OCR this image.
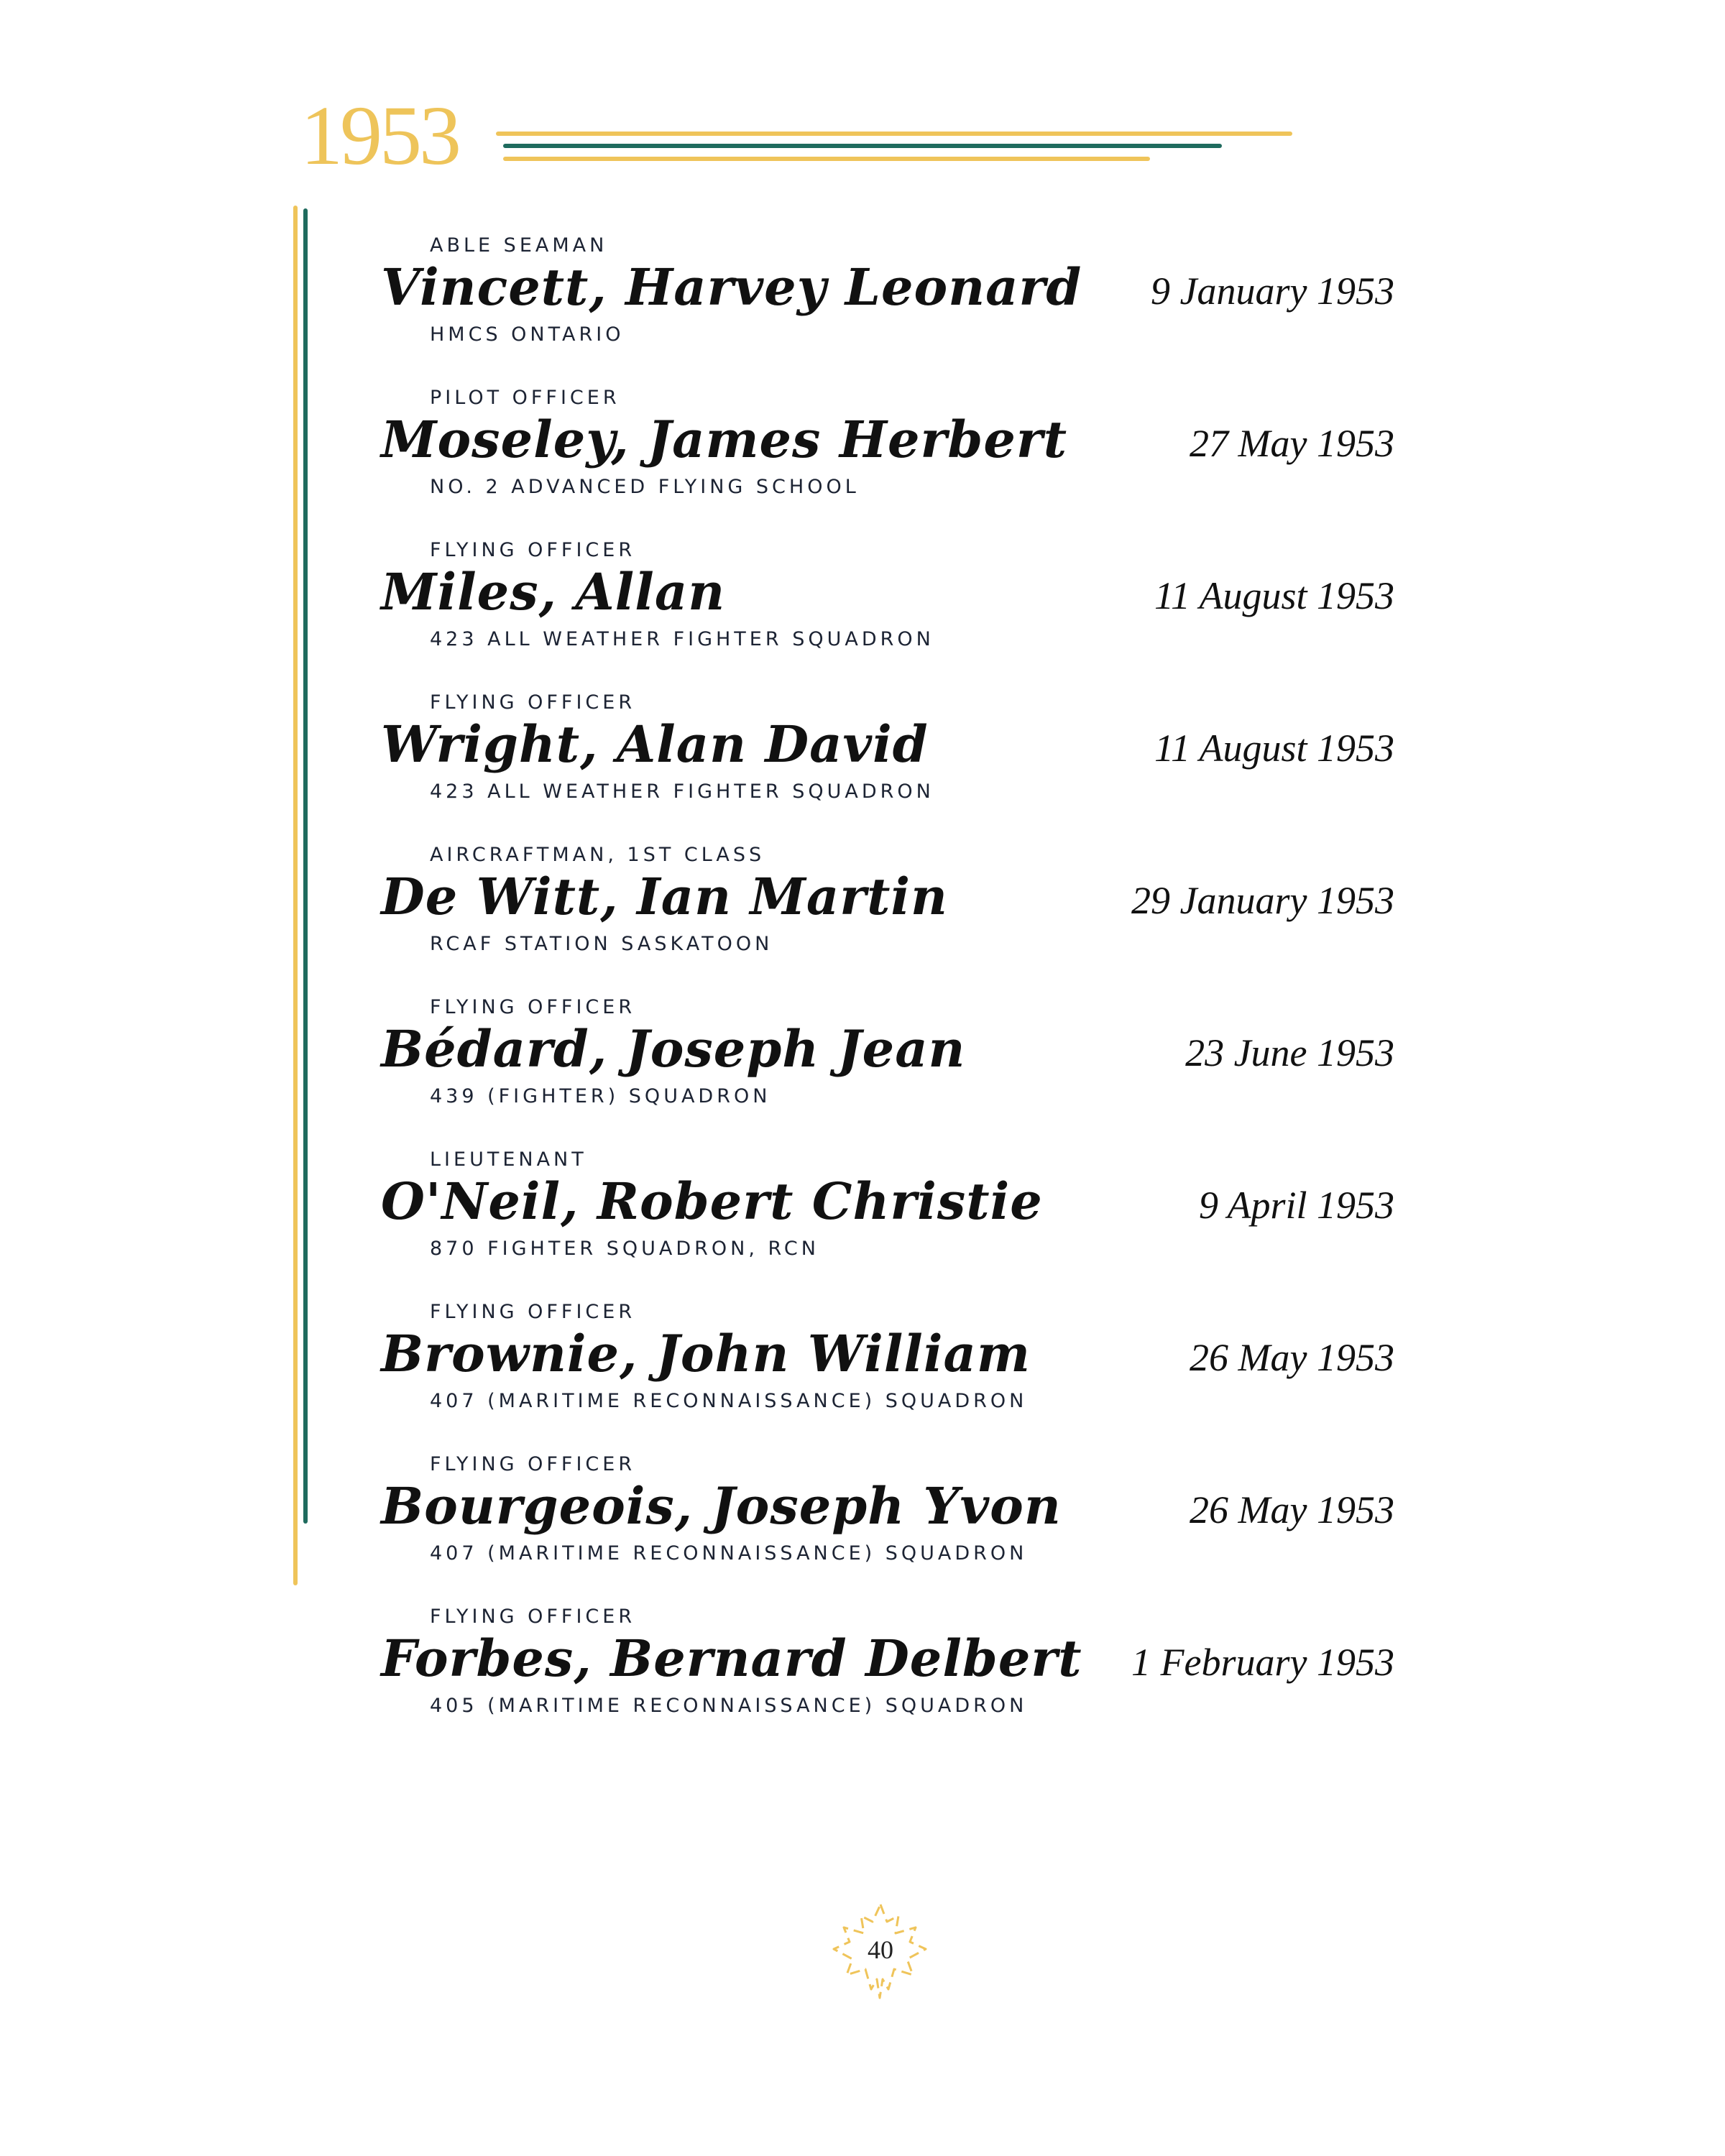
1953
ABLE SEAMAN
Vincett, Harvey Leonard
HMCS ONTARIO
9 January 1953
PILOT OFFICER
Moseley, James Herbert
NO. 2 ADVANCED FLYING SCHOOL
27 May 1953
FLYING OFFICER
Miles, Allan
423 ALL WEATHER FIGHTER SQUADRON
11 August 1953
FLYING OFFICER
Wright, Alan David
423 ALL WEATHER FIGHTER SQUADRON
11 August 1953
AIRCRAFTMAN, 1ST CLASS
De Witt, Ian Martin
RCAF STATION SASKATOON
29 January 1953
FLYING OFFICER
Bédard, Joseph Jean
439 (FIGHTER) SQUADRON
23 June 1953
LIEUTENANT
O'Neil, Robert Christie
870 FIGHTER SQUADRON, RCN
9 April 1953
FLYING OFFICER
Brownie, John William
407 (MARITIME RECONNAISSANCE) SQUADRON
26 May 1953
FLYING OFFICER
Bourgeois, Joseph Yvon
407 (MARITIME RECONNAISSANCE) SQUADRON
26 May 1953
FLYING OFFICER
Forbes, Bernard Delbert
405 (MARITIME RECONNAISSANCE) SQUADRON
1 February 1953
40
